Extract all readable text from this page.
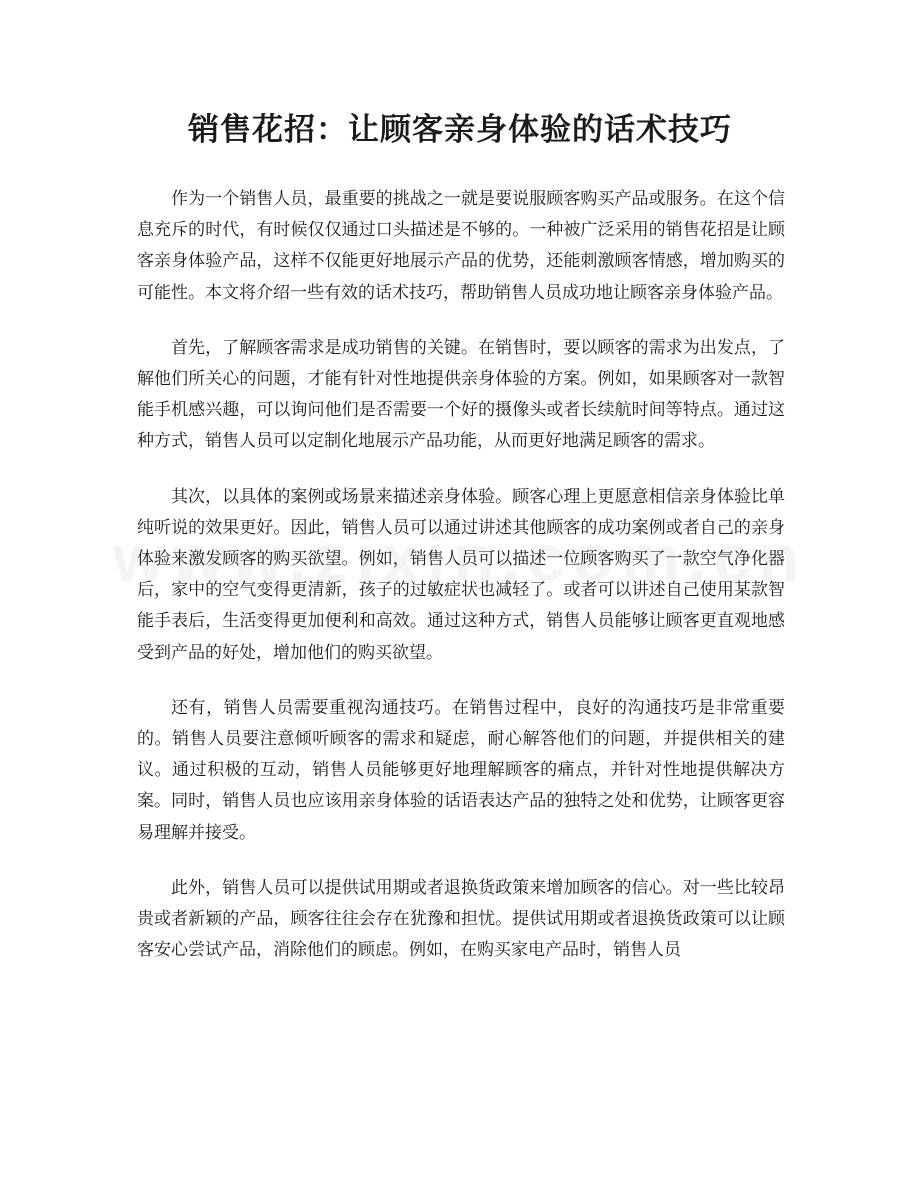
销售花招：让顾客亲身体验的话术技巧

作为一个销售人员，最重要的挑战之一就是要说服顾客购买产品或服务。在这个信息充斥的时代，有时候仅仅通过口头描述是不够的。一种被广泛采用的销售花招是让顾客亲身体验产品，这样不仅能更好地展示产品的优势，还能刺激顾客情感，增加购买的可能性。本文将介绍一些有效的话术技巧，帮助销售人员成功地让顾客亲身体验产品。

首先，了解顾客需求是成功销售的关键。在销售时，要以顾客的需求为出发点，了解他们所关心的问题，才能有针对性地提供亲身体验的方案。例如，如果顾客对一款智能手机感兴趣，可以询问他们是否需要一个好的摄像头或者长续航时间等特点。通过这种方式，销售人员可以定制化地展示产品功能，从而更好地满足顾客的需求。

其次，以具体的案例或场景来描述亲身体验。顾客心理上更愿意相信亲身体验比单纯听说的效果更好。因此，销售人员可以通过讲述其他顾客的成功案例或者自己的亲身体验来激发顾客的购买欲望。例如，销售人员可以描述一位顾客购买了一款空气净化器后，家中的空气变得更清新，孩子的过敏症状也减轻了。或者可以讲述自己使用某款智能手表后，生活变得更加便利和高效。通过这种方式，销售人员能够让顾客更直观地感受到产品的好处，增加他们的购买欲望。

还有，销售人员需要重视沟通技巧。在销售过程中，良好的沟通技巧是非常重要的。销售人员要注意倾听顾客的需求和疑虑，耐心解答他们的问题，并提供相关的建议。通过积极的互动，销售人员能够更好地理解顾客的痛点，并针对性地提供解决方案。同时，销售人员也应该用亲身体验的话语表达产品的独特之处和优势，让顾客更容易理解并接受。

此外，销售人员可以提供试用期或者退换货政策来增加顾客的信心。对一些比较昂贵或者新颖的产品，顾客往往会存在犹豫和担忧。提供试用期或者退换货政策可以让顾客安心尝试产品，消除他们的顾虑。例如，在购买家电产品时，销售人员
